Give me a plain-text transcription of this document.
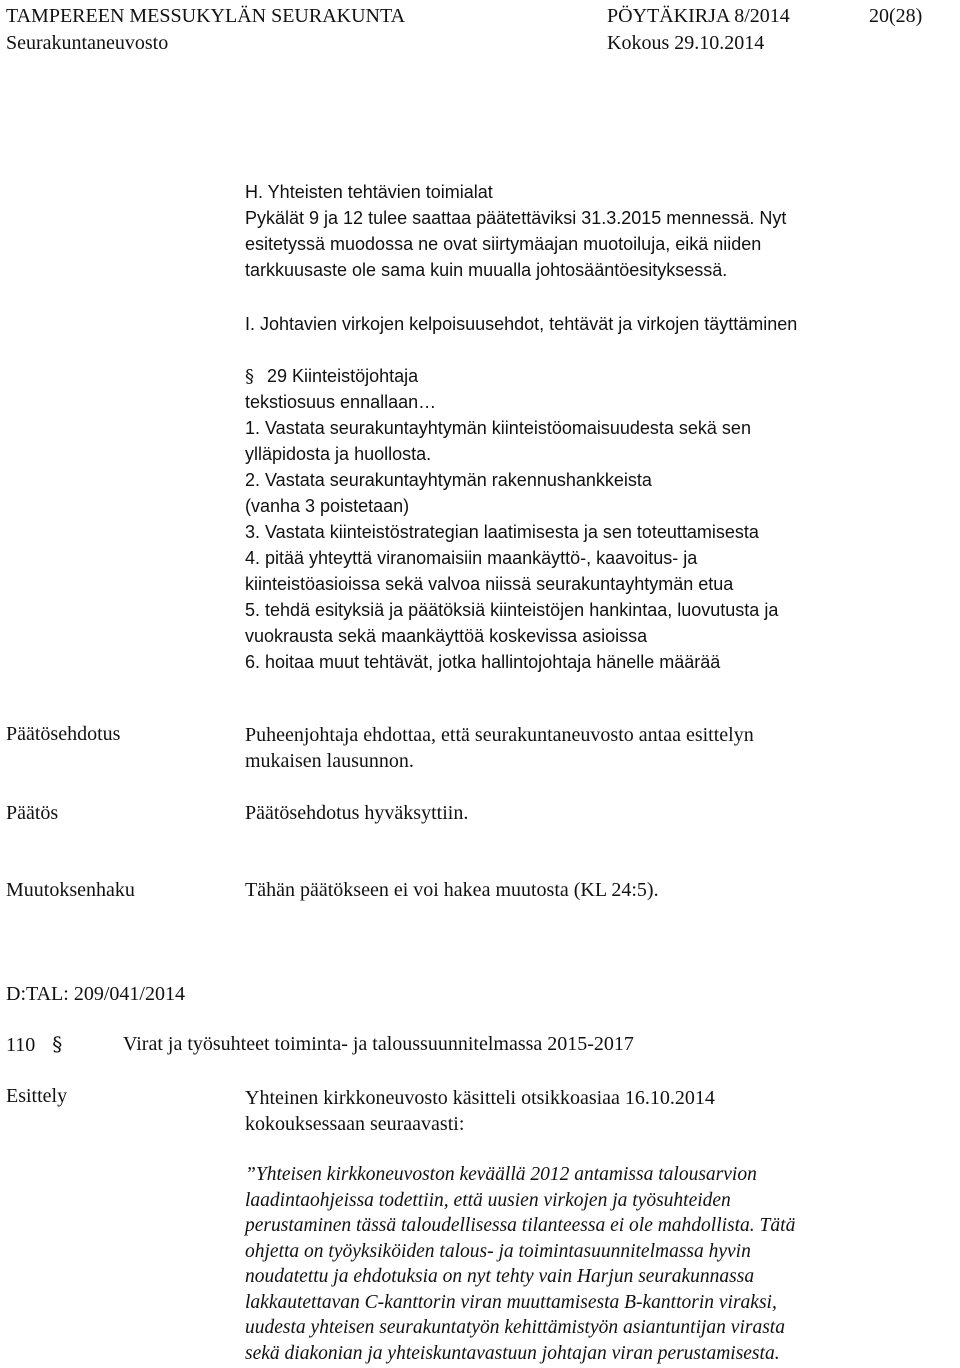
TAMPEREEN MESSUKYLÄN SEURAKUNTA	PÖYTÄKIRJA 8/2014	20(28)
Seurakuntaneuvosto	Kokous 29.10.2014
H. Yhteisten tehtävien toimialat
Pykälät 9 ja 12 tulee saattaa päätettäviksi 31.3.2015 mennessä. Nyt
esitetyssä muodossa ne ovat siirtymäajan muotoiluja, eikä niiden
tarkkuusaste ole sama kuin muualla johtosääntöesityksessä.
I. Johtavien virkojen kelpoisuusehdot, tehtävät ja virkojen täyttäminen
§ 29 Kiinteistöjohtaja
tekstiosuus ennallaan…
1. Vastata seurakuntayhtymän kiinteistöomaisuudesta sekä sen
ylläpidosta ja huollosta.
2. Vastata seurakuntayhtymän rakennushankkeista
(vanha 3 poistetaan)
3. Vastata kiinteistöstrategian laatimisesta ja sen toteuttamisesta
4. pitää yhteyttä viranomaisiin maankäyttö-, kaavoitus- ja
kiinteistöasioissa sekä valvoa niissä seurakuntayhtymän etua
5. tehdä esityksiä ja päätöksiä kiinteistöjen hankintaa, luovutusta ja
vuokrausta sekä maankäyttöä koskevissa asioissa
6. hoitaa muut tehtävät, jotka hallintojohtaja hänelle määrää
Päätösehdotus	Puheenjohtaja ehdottaa, että seurakuntaneuvosto antaa esittelyn
mukaisen lausunnon.
Päätös	Päätösehdotus hyväksyttiin.
Muutoksenhaku	Tähän päätökseen ei voi hakea muutosta (KL 24:5).
D:TAL: 209/041/2014
110 §	Virat ja työsuhteet toiminta- ja taloussuunnitelmassa 2015-2017
Esittely	Yhteinen kirkkoneuvosto käsitteli otsikkoasiaa 16.10.2014
kokouksessaan seuraavasti:
”Yhteisen kirkkoneuvoston keväällä 2012 antamissa talousarvion
laadintaohjeissa todettiin, että uusien virkojen ja työsuhteiden
perustaminen tässä taloudellisessa tilanteessa ei ole mahdollista. Tätä
ohjetta on työyksiköiden talous- ja toimintasuunnitelmassa hyvin
noudatettu ja ehdotuksia on nyt tehty vain Harjun seurakunnassa
lakkautettavan C-kanttorin viran muuttamisesta B-kanttorin viraksi,
uudesta yhteisen seurakuntatyön kehittämistyön asiantuntijan virasta
sekä diakonian ja yhteiskuntavastuun johtajan viran perustamisesta.
